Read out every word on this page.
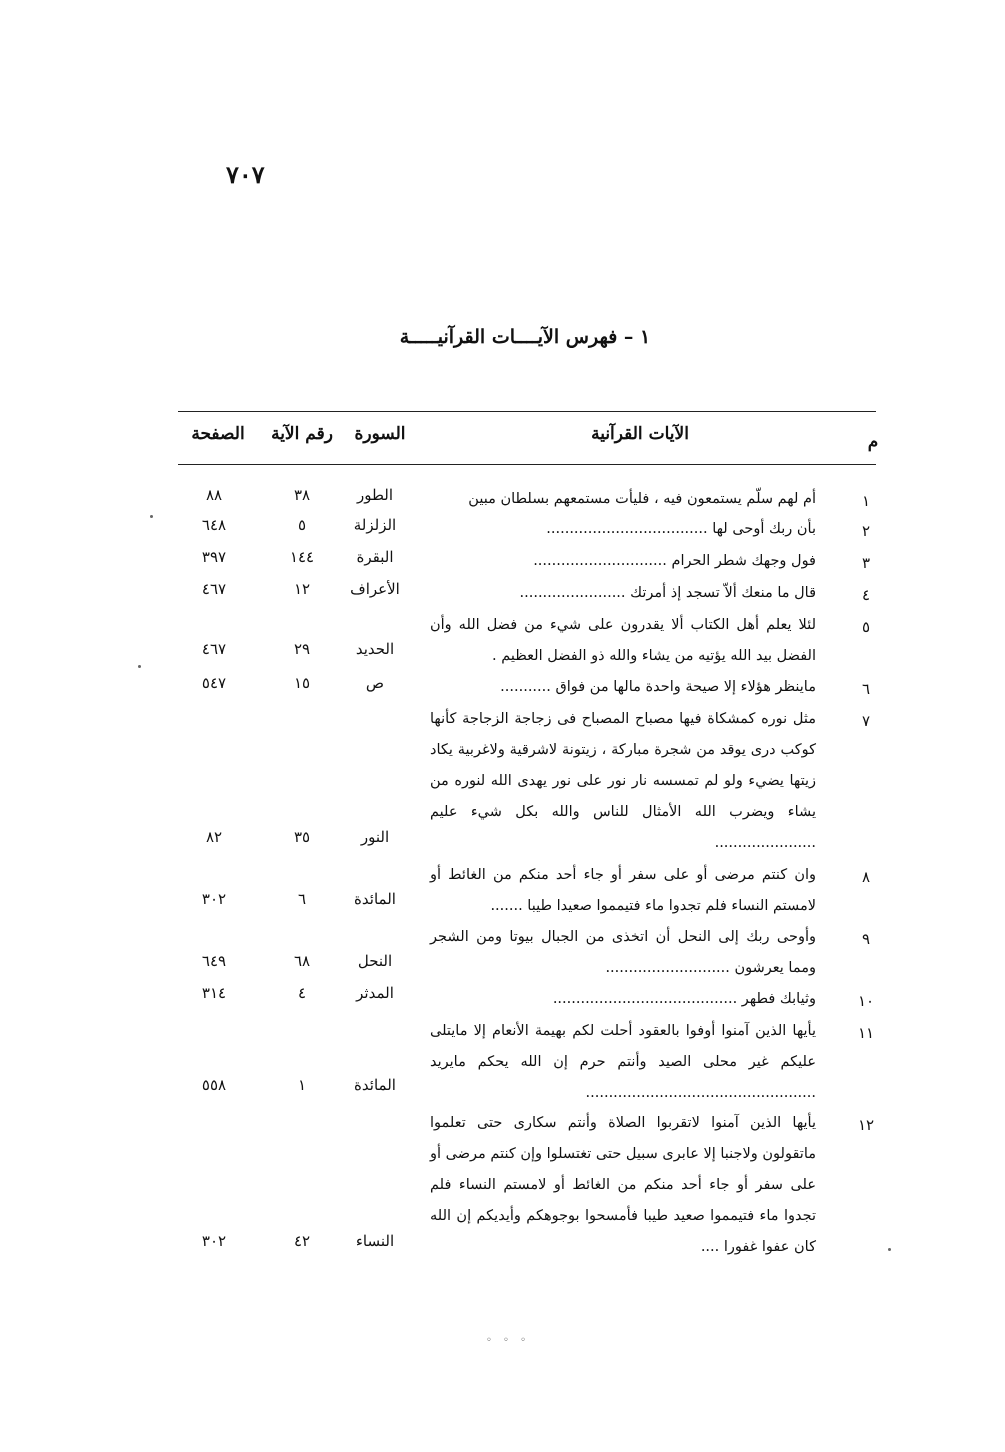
٧٠٧
١ – فهرس الآيــــات القرآنيـــــة
م
الآيات القرآنية
السورة
رقم الآية
الصفحة
١
أم لهم سلّم يستمعون فيه ، فليأت مستمعهم بسلطان مبين
الطور
٣٨
٨٨
٢
بأن ربك أوحى لها ...................................
الزلزلة
٥
٦٤٨
٣
فول وجهك شطر الحرام .............................
البقرة
١٤٤
٣٩٧
٤
قال ما منعك ألاّ تسجد إذ أمرتك .......................
الأعراف
١٢
٤٦٧
٥
لئلا يعلم أهل الكتاب ألا يقدرون على شيء من فضل الله وأن الفضل بيد الله يؤتيه من يشاء والله ذو الفضل العظيم .
الحديد
٢٩
٤٦٧
٦
ماينظر هؤلاء إلا صيحة واحدة مالها من فواق ...........
ص
١٥
٥٤٧
٧
مثل نوره كمشكاة فيها مصباح المصباح فى زجاجة الزجاجة كأنها كوكب درى يوقد من شجرة مباركة ، زيتونة لاشرقية ولاغربية يكاد زيتها يضيء ولو لم تمسسه نار نور على نور يهدى الله لنوره من يشاء ويضرب الله الأمثال للناس والله بكل شيء عليم ......................
النور
٣٥
٨٢
٨
وان كنتم مرضى أو على سفر أو جاء أحد منكم من الغائط أو لامستم النساء فلم تجدوا ماء فتيمموا صعيدا طيبا .......
المائدة
٦
٣٠٢
٩
وأوحى ربك إلى النحل أن اتخذى من الجبال بيوتا ومن الشجر ومما يعرشون ...........................
النحل
٦٨
٦٤٩
١٠
وثيابك فطهر ........................................
المدثر
٤
٣١٤
١١
يأيها الذين آمنوا أوفوا بالعقود أحلت لكم بهيمة الأنعام إلا مايتلى عليكم غير محلى الصيد وأنتم حرم إن الله يحكم مايريد ..................................................
المائدة
١
٥٥٨
١٢
يأيها الذين آمنوا لاتقربوا الصلاة وأنتم سكارى حتى تعلموا ماتقولون ولاجنبا إلا عابرى سبيل حتى تغتسلوا وإن كنتم مرضى أو على سفر أو جاء أحد منكم من الغائط أو لامستم النساء فلم تجدوا ماء فتيمموا صعيد طيبا فأمسحوا بوجوهكم وأيديكم إن الله كان عفوا غفورا ....
النساء
٤٢
٣٠٢
◦ ◦ ◦
